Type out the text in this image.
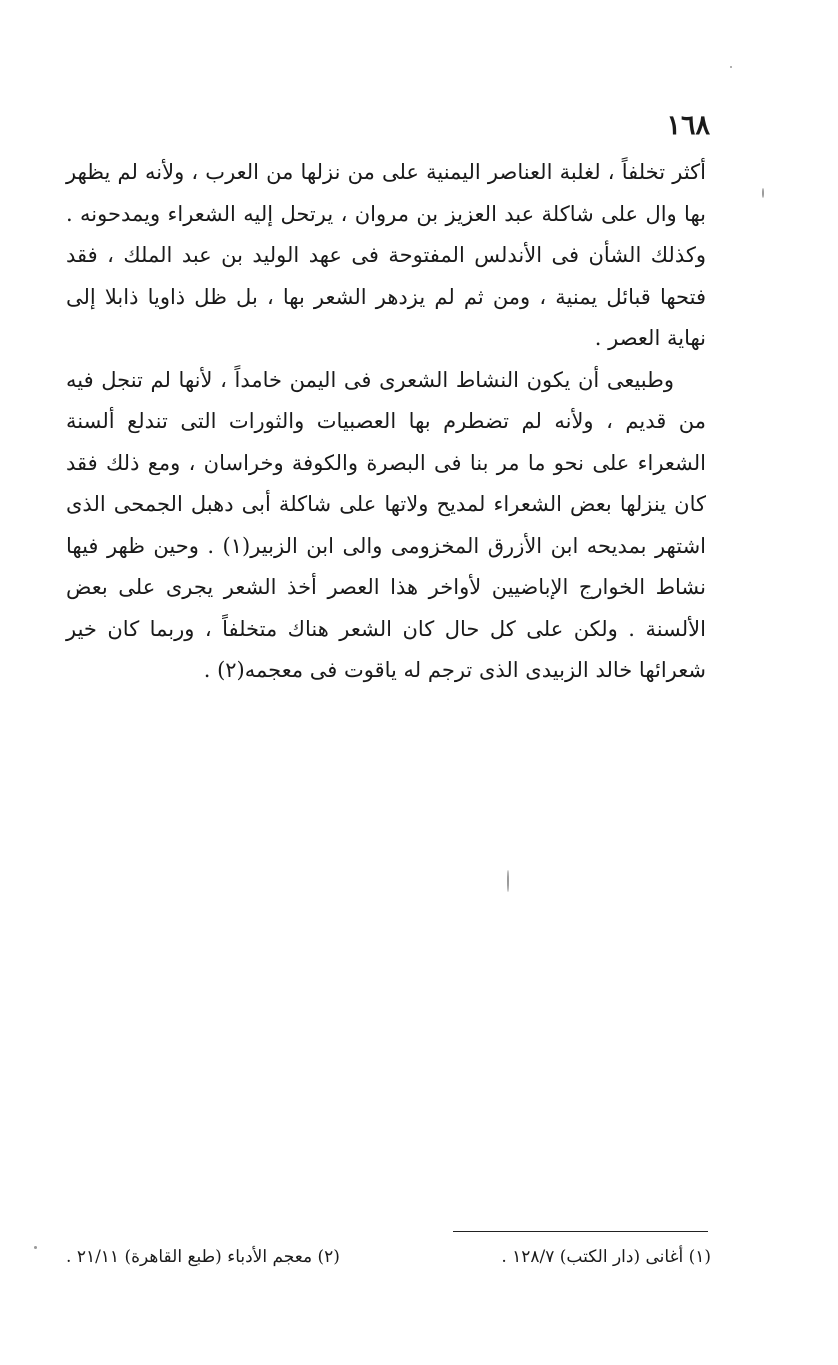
١٦٨

أكثر تخلفاً ، لغلبة العناصر اليمنية على من نزلها من العرب ، ولأنه لم يظهر بها وال على شاكلة عبد العزيز بن مروان ، يرتحل إليه الشعراء ويمدحونه . وكذلك الشأن فى الأندلس المفتوحة فى عهد الوليد بن عبد الملك ، فقد فتحها قبائل يمنية ، ومن ثم لم يزدهر الشعر بها ، بل ظل ذاويا ذابلا إلى نهاية العصر .

وطبيعى أن يكون النشاط الشعرى فى اليمن خامداً ، لأنها لم تنجل فيه من قديم ، ولأنه لم تضطرم بها العصبيات والثورات التى تندلع ألسنة الشعراء على نحو ما مر بنا فى البصرة والكوفة وخراسان ، ومع ذلك فقد كان ينزلها بعض الشعراء لمديح ولاتها على شاكلة أبى دهبل الجمحى الذى اشتهر بمديحه ابن الأزرق المخزومى والى ابن الزبير(١) . وحين ظهر فيها نشاط الخوارج الإباضيين لأواخر هذا العصر أخذ الشعر يجرى على بعض الألسنة . ولكن على كل حال كان الشعر هناك متخلفاً ، وربما كان خير شعرائها خالد الزبيدى الذى ترجم له ياقوت فى معجمه(٢) .

(١) أغانى (دار الكتب) ١٢٨/٧ .
(٢) معجم الأدباء (طبع القاهرة) ٢١/١١ .
